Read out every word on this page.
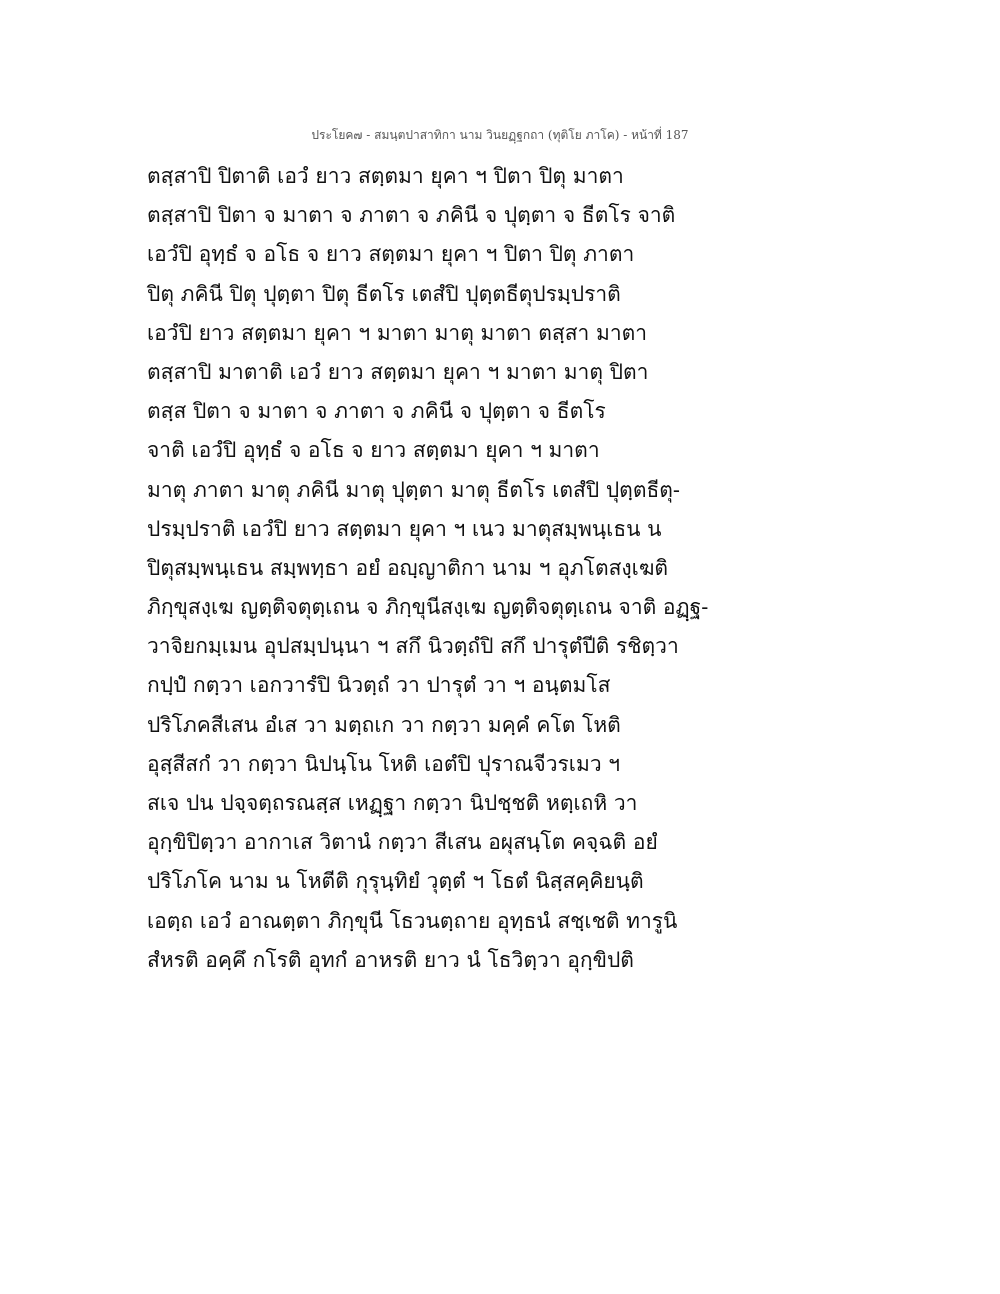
ประโยค๗ - สมนฺตปาสาทิกา นาม วินยฏฺฐกถา (ทุติโย ภาโค) - หน้าที่ 187
ตสฺสาปิ ปิตาติ เอวํ ยาว สตฺตมา ยุคา ฯ ปิตา ปิตุ มาตา
ตสฺสาปิ ปิตา จ มาตา จ ภาตา จ ภคินี จ ปุตฺตา จ ธีตโร จาติ
เอวํปิ อุทฺธํ จ อโธ จ ยาว สตฺตมา ยุคา ฯ ปิตา ปิตุ ภาตา
ปิตุ ภคินี ปิตุ ปุตฺตา ปิตุ ธีตโร เตสํปิ ปุตฺตธีตุปรมฺปราติ
เอวํปิ ยาว สตฺตมา ยุคา ฯ มาตา มาตุ มาตา ตสฺสา มาตา
ตสฺสาปิ มาตาติ เอวํ ยาว สตฺตมา ยุคา ฯ มาตา มาตุ ปิตา
ตสฺส ปิตา จ มาตา จ ภาตา จ ภคินี จ ปุตฺตา จ ธีตโร
จาติ เอวํปิ อุทฺธํ จ อโธ จ ยาว สตฺตมา ยุคา ฯ มาตา
มาตุ ภาตา มาตุ ภคินี มาตุ ปุตฺตา มาตุ ธีตโร เตสํปิ ปุตฺตธีตุ-
ปรมฺปราติ เอวํปิ ยาว สตฺตมา ยุคา ฯ เนว มาตุสมฺพนฺเธน น
ปิตุสมฺพนฺเธน สมฺพทฺธา อยํ อญฺญาติกา นาม ฯ อุภโตสงฺเฆติ
ภิกฺขุสงฺเฆ ญตฺติจตุตฺเถน จ ภิกฺขุนีสงฺเฆ ญตฺติจตุตฺเถน จาติ อฏฺฐ-
วาจิยกมฺเมน อุปสมฺปนฺนา ฯ สกึ นิวตฺถํปิ สกึ ปารุตํปีติ รชิตฺวา
กปฺปํ กตฺวา เอกวารํปิ นิวตฺถํ วา ปารุตํ วา ฯ อนฺตมโส
ปริโภคสีเสน อํเส วา มตฺถเก วา กตฺวา มคฺคํ คโต โหติ
อุสฺสีสกํ วา กตฺวา นิปนฺโน โหติ เอตํปิ ปุราณจีวรเมว ฯ
สเจ ปน ปจฺจตฺถรณสฺส เหฏฺฐา กตฺวา นิปชฺชติ หตฺเถหิ วา
อุกฺขิปิตฺวา อากาเส วิตานํ กตฺวา สีเสน อผุสนฺโต คจฺฉติ อยํ
ปริโภโค นาม น โหตีติ กุรุนฺทิยํ วุตฺตํ ฯ โธตํ นิสฺสคฺคิยนฺติ
เอตฺถ เอวํ อาณตฺตา ภิกฺขุนี โธวนตฺถาย อุทฺธนํ สชฺเชติ ทารูนิ
สํหรติ อคฺคึ กโรติ อุทกํ อาหรติ ยาว นํ โธวิตฺวา อุกฺขิปติ
